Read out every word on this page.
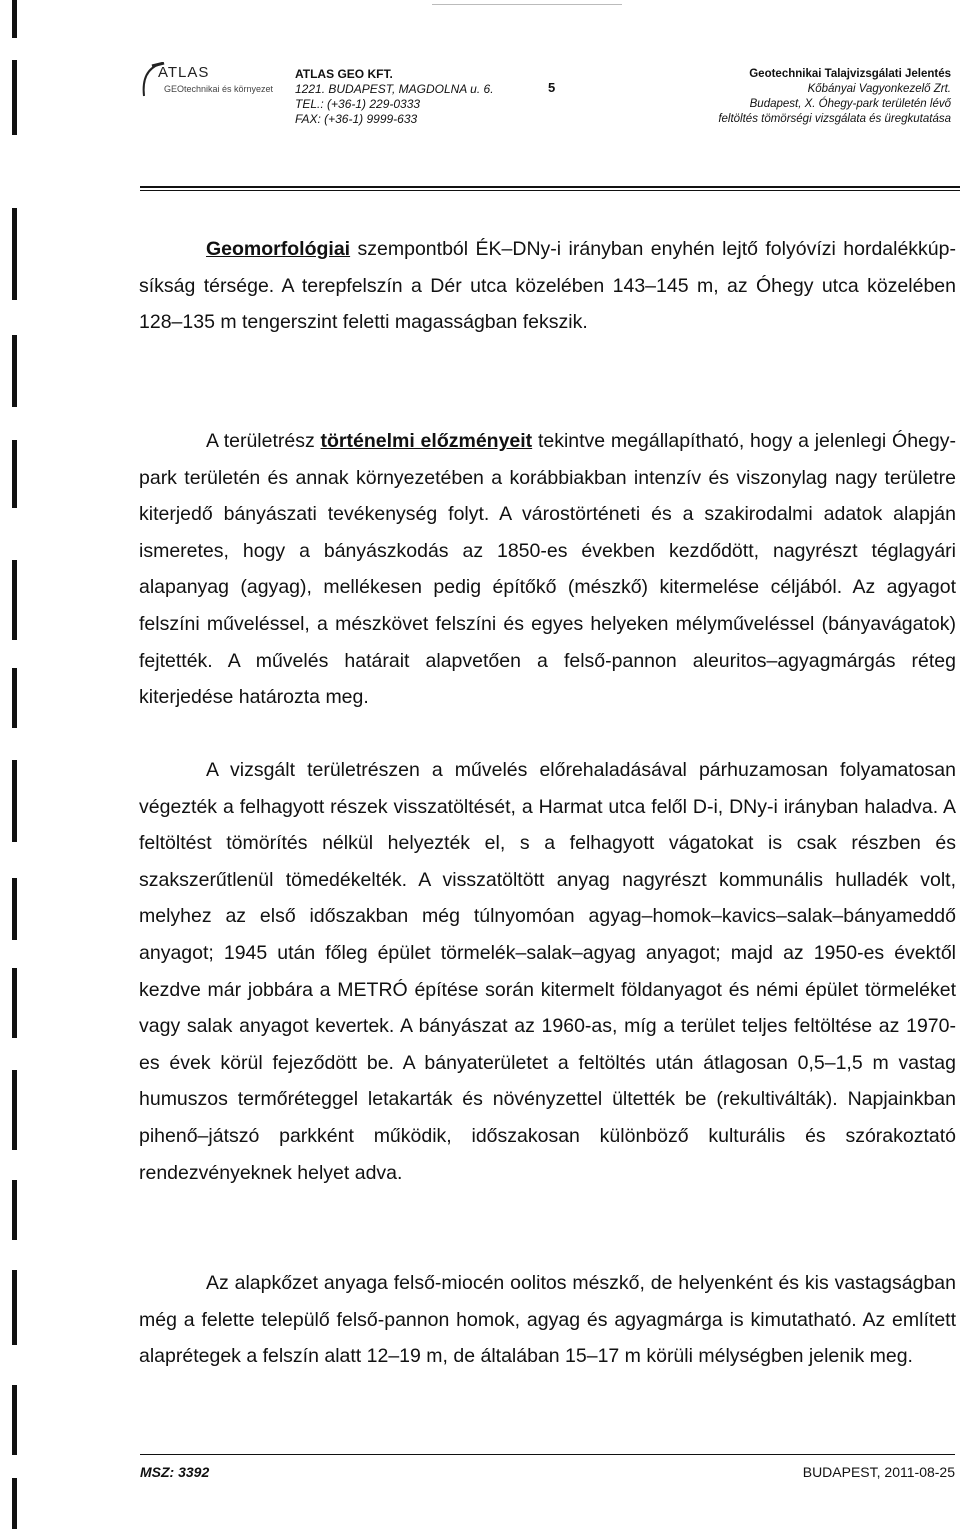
ATLAS
GEOtechnikai és környezet
ATLAS GEO KFT.
1221. BUDAPEST, MAGDOLNA u. 6.
TEL.: (+36-1) 229-0333
FAX: (+36-1) 9999-633
5
Geotechnikai Talajvizsgálati Jelentés
Kőbányai Vagyonkezelő Zrt.
Budapest, X. Óhegy-park területén lévő
feltöltés tömörségi vizsgálata és üregkutatása

Geomorfológiai szempontból ÉK–DNy-i irányban enyhén lejtő folyóvízi hordalékkúp-síkság térsége. A terepfelszín a Dér utca közelében 143–145 m, az Óhegy utca közelében 128–135 m tengerszint feletti magasságban fekszik.

A területrész történelmi előzményeit tekintve megállapítható, hogy a jelenlegi Óhegy-park területén és annak környezetében a korábbiakban intenzív és viszonylag nagy területre kiterjedő bányászati tevékenység folyt. A várostörténeti és a szakirodalmi adatok alapján ismeretes, hogy a bányászkodás az 1850-es években kezdődött, nagyrészt téglagyári alapanyag (agyag), mellékesen pedig építőkő (mészkő) kitermelése céljából. Az agyagot felszíni műveléssel, a mészkövet felszíni és egyes helyeken mélyműveléssel (bányavágatok) fejtették. A művelés határait alapvetően a felső-pannon aleuritos–agyagmárgás réteg kiterjedése határozta meg.

A vizsgált területrészen a művelés előrehaladásával párhuzamosan folyamatosan végezték a felhagyott részek visszatöltését, a Harmat utca felől D-i, DNy-i irányban haladva. A feltöltést tömörítés nélkül helyezték el, s a felhagyott vágatokat is csak részben és szakszerűtlenül tömedékelték. A visszatöltött anyag nagyrészt kommunális hulladék volt, melyhez az első időszakban még túlnyomóan agyag–homok–kavics–salak–bányameddő anyagot; 1945 után főleg épület törmelék–salak–agyag anyagot; majd az 1950-es évektől kezdve már jobbára a METRÓ építése során kitermelt földanyagot és némi épület törmeléket vagy salak anyagot kevertek. A bányászat az 1960-as, míg a terület teljes feltöltése az 1970-es évek körül fejeződött be. A bányaterületet a feltöltés után átlagosan 0,5–1,5 m vastag humuszos termőréteggel letakarták és növényzettel ültették be (rekultiválták). Napjainkban pihenő–játszó parkként működik, időszakosan különböző kulturális és szórakoztató rendezvényeknek helyet adva.

Az alapkőzet anyaga felső-miocén oolitos mészkő, de helyenként és kis vastagságban még a felette települő felső-pannon homok, agyag és agyagmárga is kimutatható. Az említett alaprétegek a felszín alatt 12–19 m, de általában 15–17 m körüli mélységben jelenik meg.

MSZ: 3392	BUDAPEST, 2011-08-25
